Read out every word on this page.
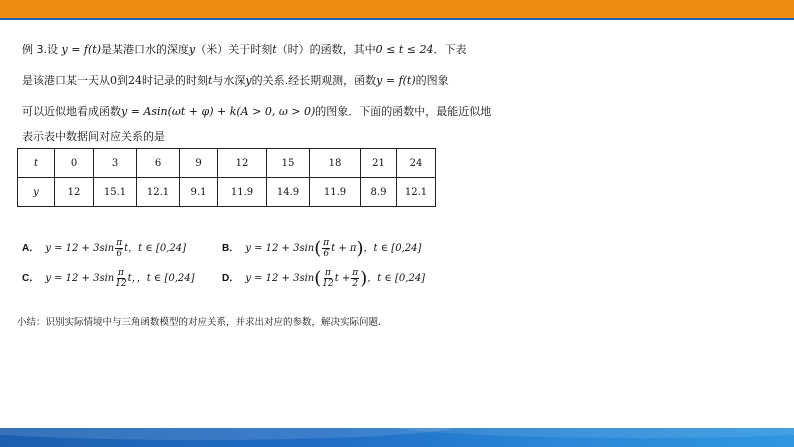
例 3.设 y = f(t)是某港口水的深度y（米）关于时刻t（时）的函数，其中0 ≤ t ≤ 24．下表
是该港口某一天从0到24时记录的时刻t与水深y的关系.经长期观测，函数y = f(t)的图象
可以近似地看成函数y = Asin(ωt + φ) + k(A > 0, ω > 0)的图象．下面的函数中，最能近似地
表示表中数据间对应关系的是
t	0	3	6	9	12	15	18	21	24
y	12	15.1	12.1	9.1	11.9	14.9	11.9	8.9	12.1
A． $y = 12 + 3\sin \frac{\pi}{6}$ t ，t ∈ [0,24]	B． y = 12 + 3sin ( $\frac{\pi}{6}$ t + π ) ，t ∈ [0,24]
C． $y = 12 + 3\sin \frac{\pi}{12}$ t ，，t ∈ [0,24]	D． y = 12 + 3sin ( $\frac{\pi}{12}$ $t + \frac{\pi}{2}$ ) ，t ∈ [0,24]
小结：识别实际情境中与三角函数模型的对应关系，并求出对应的参数，解决实际问题.
